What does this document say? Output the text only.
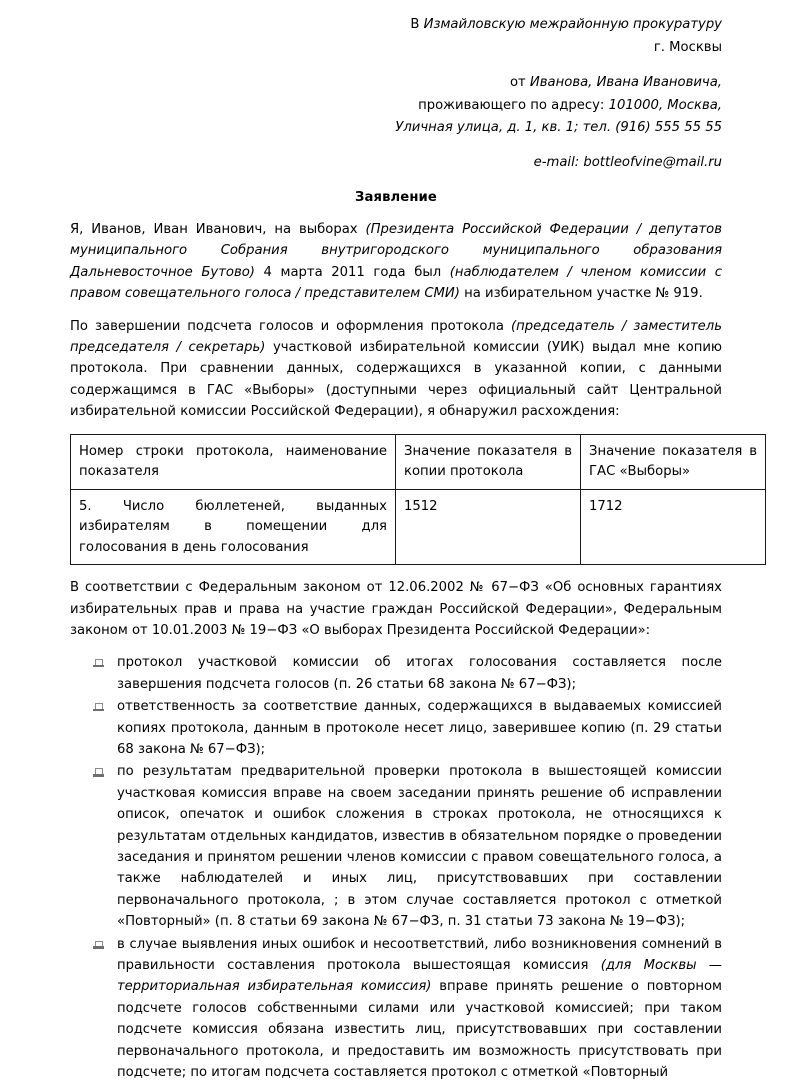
В Измайловскую межрайонную прокуратуру
г. Москвы
от Иванова, Ивана Ивановича,
проживающего по адресу: 101000, Москва,
Уличная улица, д. 1, кв. 1; тел. (916) 555 55 55
e-mail: bottleofvine@mail.ru
Заявление

Я, Иванов, Иван Иванович, на выборах (Президента Российской Федерации / депутатов муниципального Собрания внутригородского муниципального образования Дальневосточное Бутово) 4 марта 2011 года был (наблюдателем / членом комиссии с правом совещательного голоса / представителем СМИ) на избирательном участке № 919.

По завершении подсчета голосов и оформления протокола (председатель / заместитель председателя / секретарь) участковой избирательной комиссии (УИК) выдал мне копию протокола. При сравнении данных, содержащихся в указанной копии, с данными содержащимся в ГАС «Выборы» (доступными через официальный сайт Центральной избирательной комиссии Российской Федерации), я обнаружил расхождения:

Номер строки протокола, наименование показателя	Значение показателя в копии протокола	Значение показателя в ГАС «Выборы»
5. Число бюллетеней, выданных избирателям в помещении для голосования в день голосования	1512	1712

В соответствии с Федеральным законом от 12.06.2002 № 67−ФЗ «Об основных гарантиях избирательных прав и права на участие граждан Российской Федерации», Федеральным законом от 10.01.2003 № 19−ФЗ «О выборах Президента Российской Федерации»:

протокол участковой комиссии об итогах голосования составляется после завершения подсчета голосов (п. 26 статьи 68 закона № 67−ФЗ);
ответственность за соответствие данных, содержащихся в выдаваемых комиссией копиях протокола, данным в протоколе несет лицо, заверившее копию (п. 29 статьи 68 закона № 67−ФЗ);
по результатам предварительной проверки протокола в вышестоящей комиссии участковая комиссия вправе на своем заседании принять решение об исправлении описок, опечаток и ошибок сложения в строках протокола, не относящихся к результатам отдельных кандидатов, известив в обязательном порядке о проведении заседания и принятом решении членов комиссии с правом совещательного голоса, а также наблюдателей и иных лиц, присутствовавших при составлении первоначального протокола, ; в этом случае составляется протокол с отметкой «Повторный» (п. 8 статьи 69 закона № 67−ФЗ, п. 31 статьи 73 закона № 19−ФЗ);
в случае выявления иных ошибок и несоответствий, либо возникновения сомнений в правильности составления протокола вышестоящая комиссия (для Москвы — территориальная избирательная комиссия) вправе принять решение о повторном подсчете голосов собственными силами или участковой комиссией; при таком подсчете комиссия обязана известить лиц, присутствовавших при составлении первоначального протокола, и предоставить им возможность присутствовать при подсчете; по итогам подсчета составляется протокол с отметкой «Повторный
